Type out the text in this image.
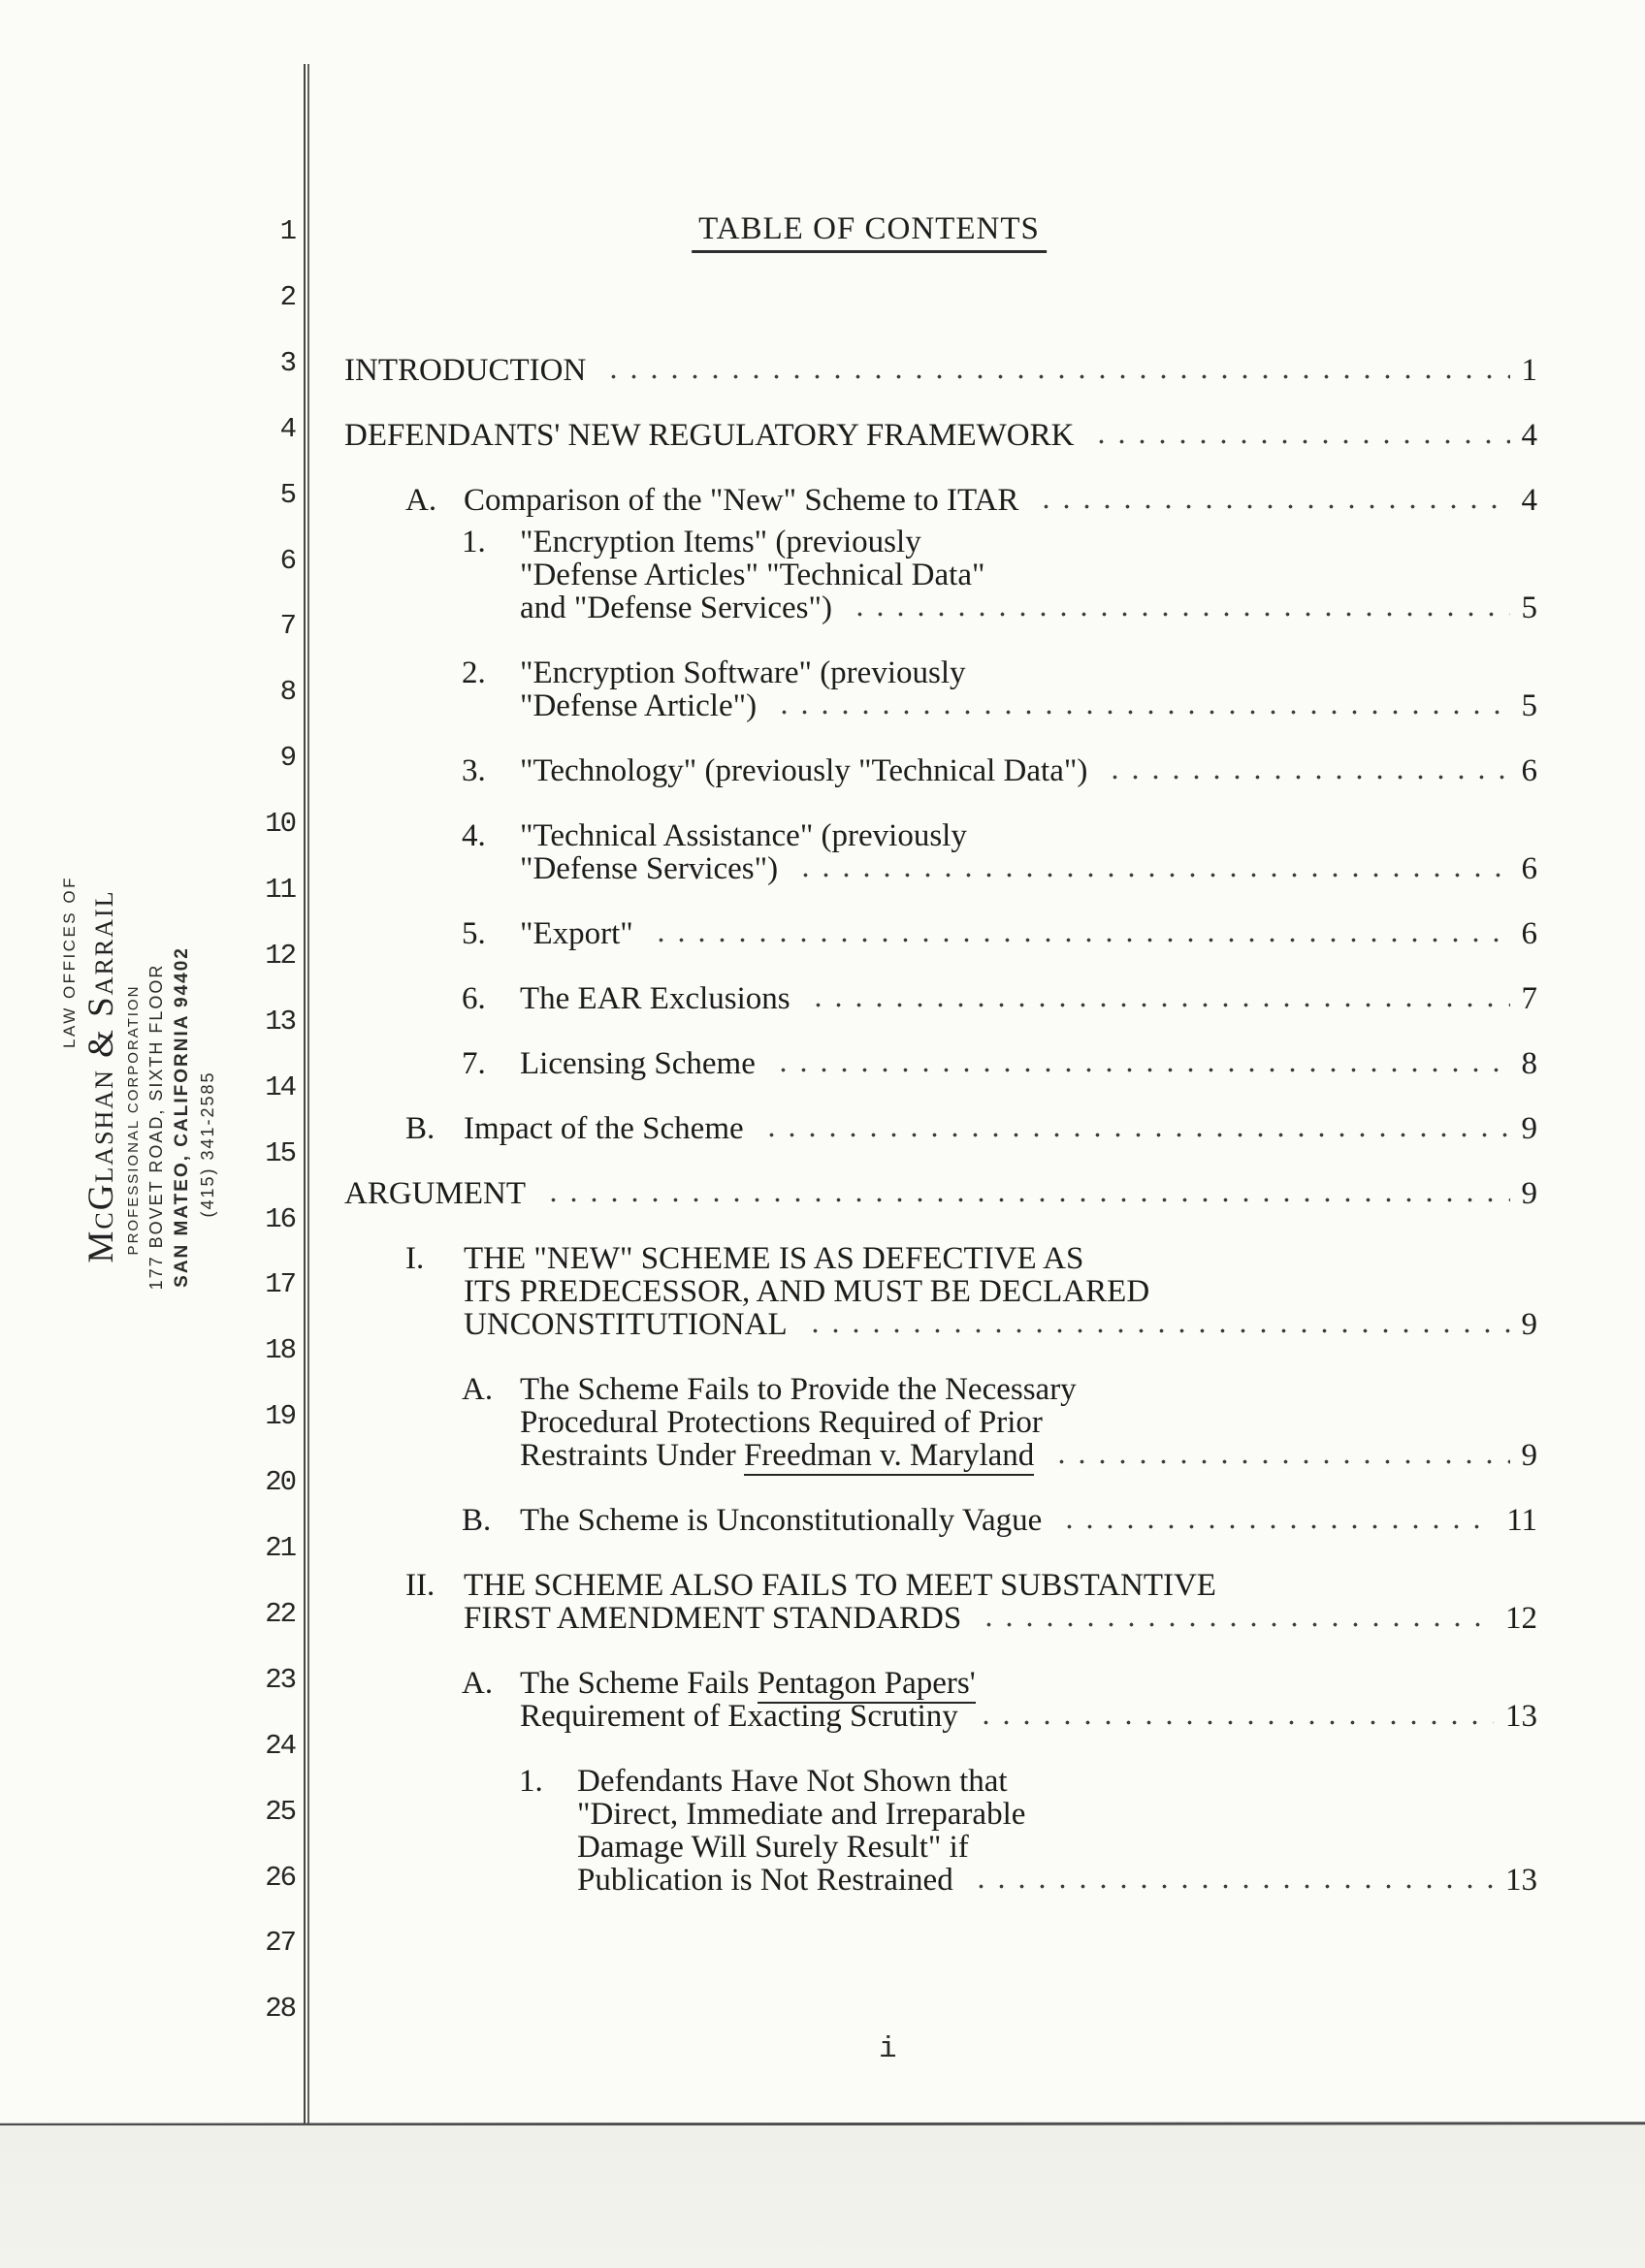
1
2
3
4
5
6
7
8
9
10
11
12
13
14
15
16
17
18
19
20
21
22
23
24
25
26
27
28
LAW OFFICES OF McGlashan & Sarrail PROFESSIONAL CORPORATION 177 BOVET ROAD, SIXTH FLOOR SAN MATEO, CALIFORNIA 94402 (415) 341-2585
TABLE OF CONTENTS
INTRODUCTION	1
DEFENDANTS' NEW REGULATORY FRAMEWORK	4
A. Comparison of the "New" Scheme to ITAR	4
1. "Encryption Items" (previously
"Defense Articles" "Technical Data"
and "Defense Services")	5
2. "Encryption Software" (previously
"Defense Article")	5
3. "Technology" (previously "Technical Data")	6
4. "Technical Assistance" (previously
"Defense Services")	6
5. "Export"	6
6. The EAR Exclusions	7
7. Licensing Scheme	8
B. Impact of the Scheme	9
ARGUMENT	9
I. THE "NEW" SCHEME IS AS DEFECTIVE AS
ITS PREDECESSOR, AND MUST BE DECLARED
UNCONSTITUTIONAL	9
A. The Scheme Fails to Provide the Necessary
Procedural Protections Required of Prior
Restraints Under Freedman v. Maryland	9
B. The Scheme is Unconstitutionally Vague	11
II. THE SCHEME ALSO FAILS TO MEET SUBSTANTIVE
FIRST AMENDMENT STANDARDS	12
A. The Scheme Fails Pentagon Papers'
Requirement of Exacting Scrutiny	13
1. Defendants Have Not Shown that
"Direct, Immediate and Irreparable
Damage Will Surely Result" if
Publication is Not Restrained	13
i
